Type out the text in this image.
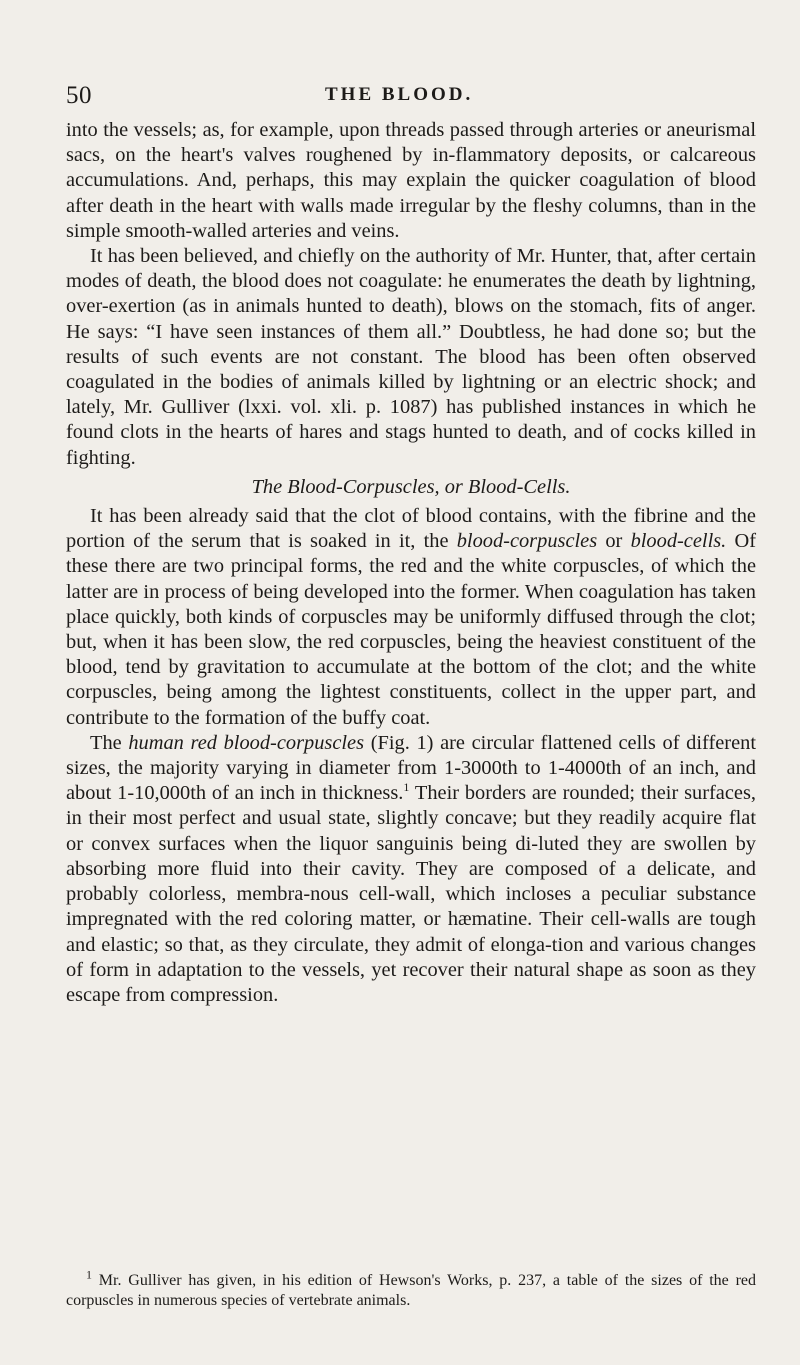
50	THE BLOOD.

into the vessels; as, for example, upon threads passed through arteries or aneurismal sacs, on the heart's valves roughened by in-flammatory deposits, or calcareous accumulations. And, perhaps, this may explain the quicker coagulation of blood after death in the heart with walls made irregular by the fleshy columns, than in the simple smooth-walled arteries and veins.

It has been believed, and chiefly on the authority of Mr. Hunter, that, after certain modes of death, the blood does not coagulate: he enumerates the death by lightning, over-exertion (as in animals hunted to death), blows on the stomach, fits of anger. He says: “I have seen instances of them all.” Doubtless, he had done so; but the results of such events are not constant. The blood has been often observed coagulated in the bodies of animals killed by lightning or an electric shock; and lately, Mr. Gulliver (lxxi. vol. xli. p. 1087) has published instances in which he found clots in the hearts of hares and stags hunted to death, and of cocks killed in fighting.

The Blood-Corpuscles, or Blood-Cells.

It has been already said that the clot of blood contains, with the fibrine and the portion of the serum that is soaked in it, the blood-corpuscles or blood-cells. Of these there are two principal forms, the red and the white corpuscles, of which the latter are in process of being developed into the former. When coagulation has taken place quickly, both kinds of corpuscles may be uniformly diffused through the clot; but, when it has been slow, the red corpuscles, being the heaviest constituent of the blood, tend by gravitation to accumulate at the bottom of the clot; and the white corpuscles, being among the lightest constituents, collect in the upper part, and contribute to the formation of the buffy coat.

The human red blood-corpuscles (Fig. 1) are circular flattened cells of different sizes, the majority varying in diameter from 1-3000th to 1-4000th of an inch, and about 1-10,000th of an inch in thickness.$^1$ Their borders are rounded; their surfaces, in their most perfect and usual state, slightly concave; but they readily acquire flat or convex surfaces when the liquor sanguinis being di-luted they are swollen by absorbing more fluid into their cavity. They are composed of a delicate, and probably colorless, membra-nous cell-wall, which incloses a peculiar substance impregnated with the red coloring matter, or hæmatine. Their cell-walls are tough and elastic; so that, as they circulate, they admit of elonga-tion and various changes of form in adaptation to the vessels, yet recover their natural shape as soon as they escape from compression.

$^1$ Mr. Gulliver has given, in his edition of Hewson's Works, p. 237, a table of the sizes of the red corpuscles in numerous species of vertebrate animals.
